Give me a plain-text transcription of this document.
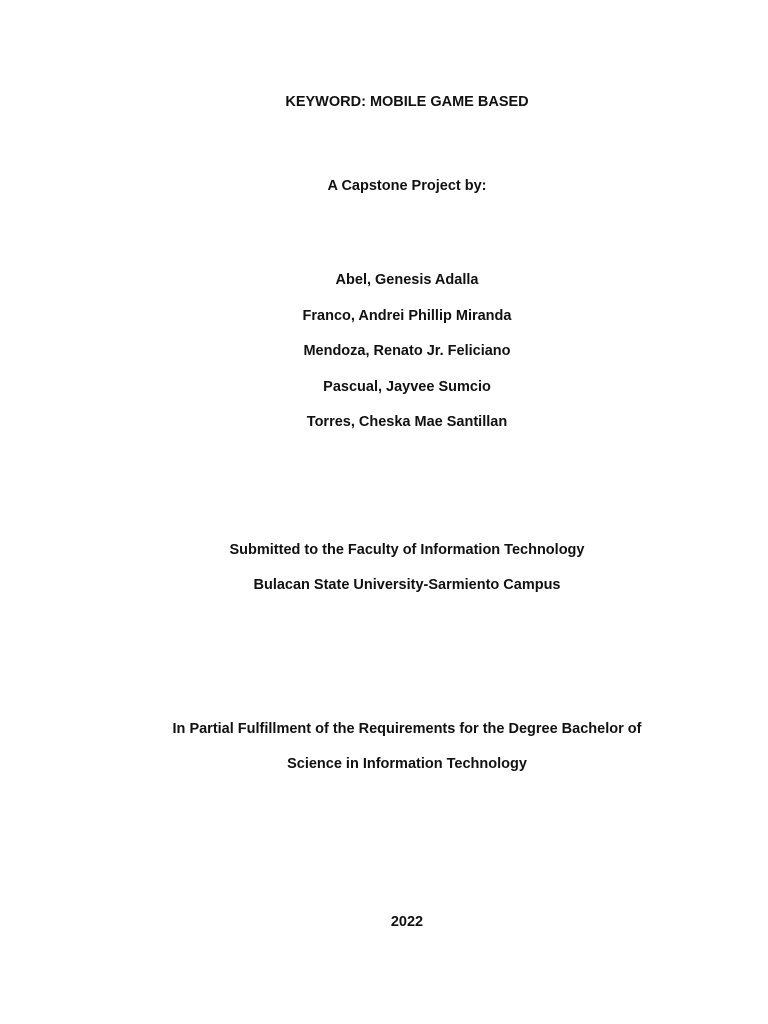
KEYWORD: MOBILE GAME BASED
A Capstone Project by:
Abel, Genesis Adalla
Franco, Andrei Phillip Miranda
Mendoza, Renato Jr. Feliciano
Pascual, Jayvee Sumcio
Torres, Cheska Mae Santillan
Submitted to the Faculty of Information Technology
Bulacan State University-Sarmiento Campus
In Partial Fulfillment of the Requirements for the Degree Bachelor of
Science in Information Technology
2022
